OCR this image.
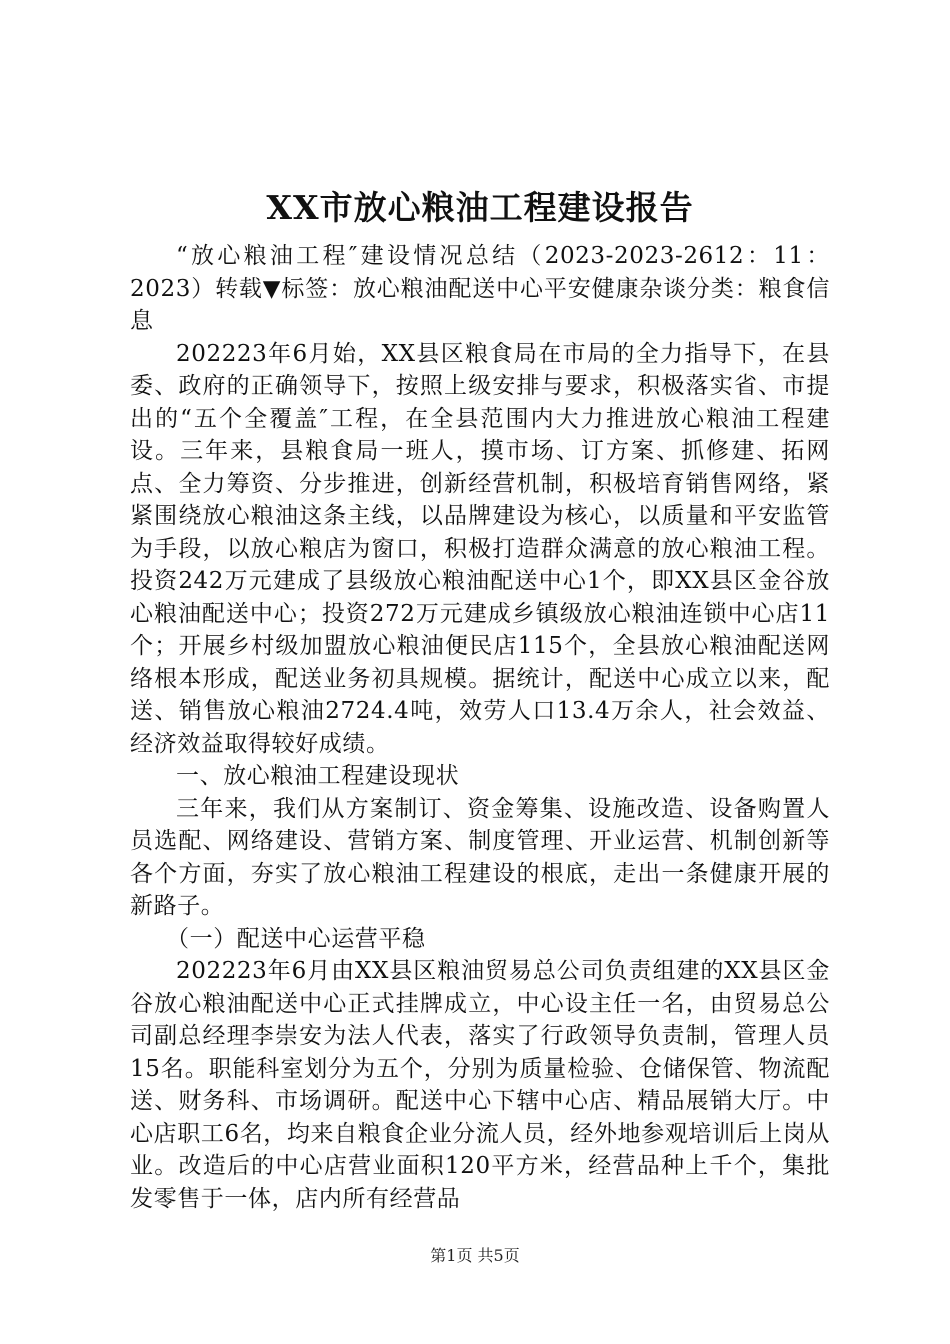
XX市放心粮油工程建设报告

“放心粮油工程″建设情况总结（2023-2023-2612：11：2023）转载▼标签：放心粮油配送中心平安健康杂谈分类：粮食信息

202223年6月始，XX县区粮食局在市局的全力指导下，在县委、政府的正确领导下，按照上级安排与要求，积极落实省、市提出的“五个全覆盖″工程，在全县范围内大力推进放心粮油工程建设。三年来，县粮食局一班人，摸市场、订方案、抓修建、拓网点、全力筹资、分步推进，创新经营机制，积极培育销售网络，紧紧围绕放心粮油这条主线，以品牌建设为核心，以质量和平安监管为手段，以放心粮店为窗口，积极打造群众满意的放心粮油工程。投资242万元建成了县级放心粮油配送中心1个，即XX县区金谷放心粮油配送中心；投资272万元建成乡镇级放心粮油连锁中心店11个；开展乡村级加盟放心粮油便民店115个，全县放心粮油配送网络根本形成，配送业务初具规模。据统计，配送中心成立以来，配送、销售放心粮油2724.4吨，效劳人口13.4万余人，社会效益、经济效益取得较好成绩。

一、放心粮油工程建设现状

三年来，我们从方案制订、资金筹集、设施改造、设备购置人员选配、网络建设、营销方案、制度管理、开业运营、机制创新等各个方面，夯实了放心粮油工程建设的根底，走出一条健康开展的新路子。

（一）配送中心运营平稳

202223年6月由XX县区粮油贸易总公司负责组建的XX县区金谷放心粮油配送中心正式挂牌成立，中心设主任一名，由贸易总公司副总经理李崇安为法人代表，落实了行政领导负责制，管理人员15名。职能科室划分为五个，分别为质量检验、仓储保管、物流配送、财务科、市场调研。配送中心下辖中心店、精品展销大厅。中心店职工6名，均来自粮食企业分流人员，经外地参观培训后上岗从业。改造后的中心店营业面积120平方米，经营品种上千个，集批发零售于一体，店内所有经营品

第1页 共5页
